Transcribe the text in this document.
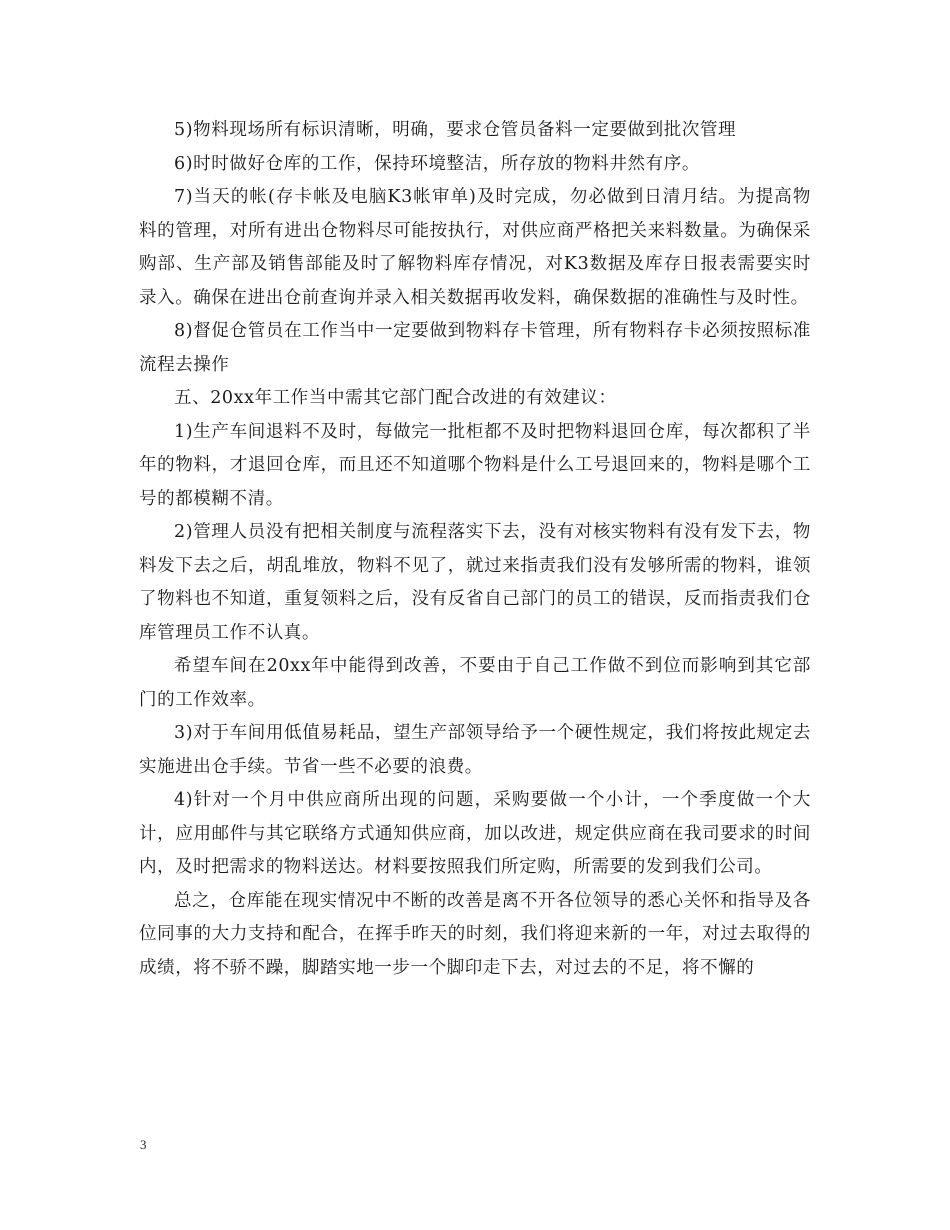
5)物料现场所有标识清晰，明确，要求仓管员备料一定要做到批次管理

6)时时做好仓库的工作，保持环境整洁，所存放的物料井然有序。

7)当天的帐(存卡帐及电脑K3帐审单)及时完成，勿必做到日清月结。为提高物料的管理，对所有进出仓物料尽可能按执行，对供应商严格把关来料数量。为确保采购部、生产部及销售部能及时了解物料库存情况，对K3数据及库存日报表需要实时录入。确保在进出仓前查询并录入相关数据再收发料，确保数据的准确性与及时性。

8)督促仓管员在工作当中一定要做到物料存卡管理，所有物料存卡必须按照标准流程去操作

五、20xx年工作当中需其它部门配合改进的有效建议：

1)生产车间退料不及时，每做完一批柜都不及时把物料退回仓库，每次都积了半年的物料，才退回仓库，而且还不知道哪个物料是什么工号退回来的，物料是哪个工号的都模糊不清。

2)管理人员没有把相关制度与流程落实下去，没有对核实物料有没有发下去，物料发下去之后，胡乱堆放，物料不见了，就过来指责我们没有发够所需的物料，谁领了物料也不知道，重复领料之后，没有反省自己部门的员工的错误，反而指责我们仓库管理员工作不认真。

希望车间在20xx年中能得到改善，不要由于自己工作做不到位而影响到其它部门的工作效率。

3)对于车间用低值易耗品，望生产部领导给予一个硬性规定，我们将按此规定去实施进出仓手续。节省一些不必要的浪费。

4)针对一个月中供应商所出现的问题，采购要做一个小计，一个季度做一个大计，应用邮件与其它联络方式通知供应商，加以改进，规定供应商在我司要求的时间内，及时把需求的物料送达。材料要按照我们所定购，所需要的发到我们公司。

总之，仓库能在现实情况中不断的改善是离不开各位领导的悉心关怀和指导及各位同事的大力支持和配合，在挥手昨天的时刻，我们将迎来新的一年，对过去取得的成绩，将不骄不躁，脚踏实地一步一个脚印走下去，对过去的不足，将不懈的

3
